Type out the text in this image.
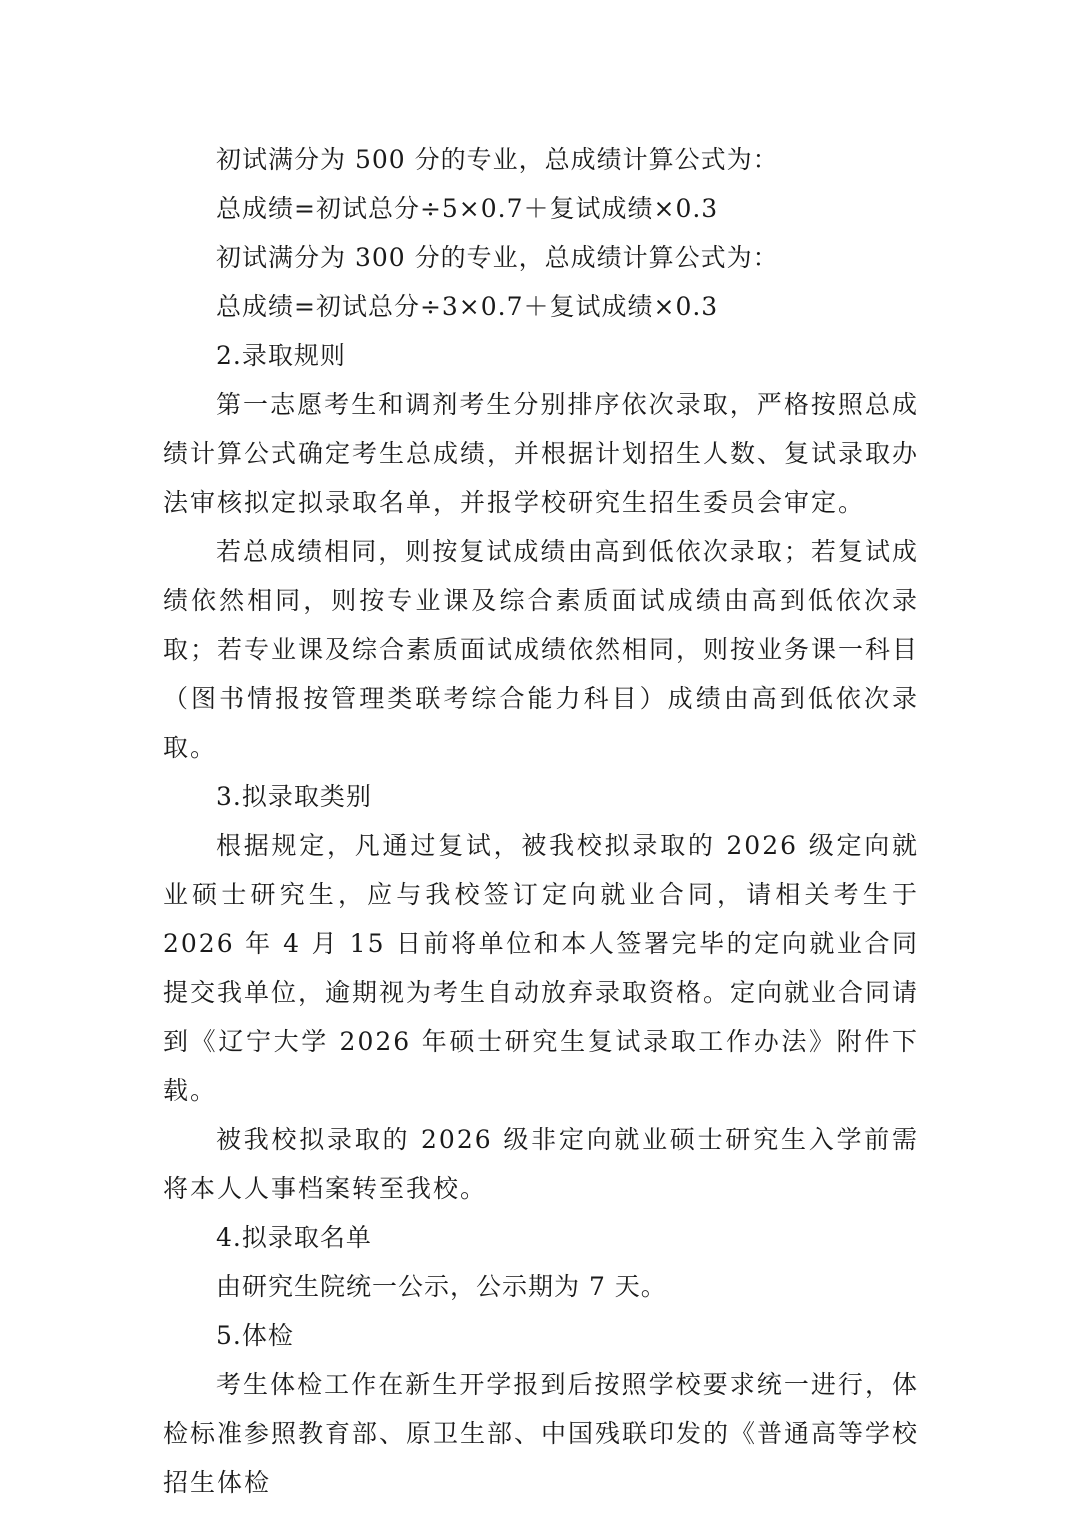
初试满分为 500 分的专业，总成绩计算公式为：
总成绩=初试总分÷5×0.7＋复试成绩×0.3
初试满分为 300 分的专业，总成绩计算公式为：
总成绩=初试总分÷3×0.7＋复试成绩×0.3
2.录取规则
第一志愿考生和调剂考生分别排序依次录取，严格按照总成绩计算公式确定考生总成绩，并根据计划招生人数、复试录取办法审核拟定拟录取名单，并报学校研究生招生委员会审定。
若总成绩相同，则按复试成绩由高到低依次录取；若复试成绩依然相同，则按专业课及综合素质面试成绩由高到低依次录取；若专业课及综合素质面试成绩依然相同，则按业务课一科目（图书情报按管理类联考综合能力科目）成绩由高到低依次录取。
3.拟录取类别
根据规定，凡通过复试，被我校拟录取的 2026 级定向就业硕士研究生，应与我校签订定向就业合同，请相关考生于 2026 年 4 月 15 日前将单位和本人签署完毕的定向就业合同提交我单位，逾期视为考生自动放弃录取资格。定向就业合同请到《辽宁大学 2026 年硕士研究生复试录取工作办法》附件下载。
被我校拟录取的 2026 级非定向就业硕士研究生入学前需将本人人事档案转至我校。
4.拟录取名单
由研究生院统一公示，公示期为 7 天。
5.体检
考生体检工作在新生开学报到后按照学校要求统一进行，体检标准参照教育部、原卫生部、中国残联印发的《普通高等学校招生体检
